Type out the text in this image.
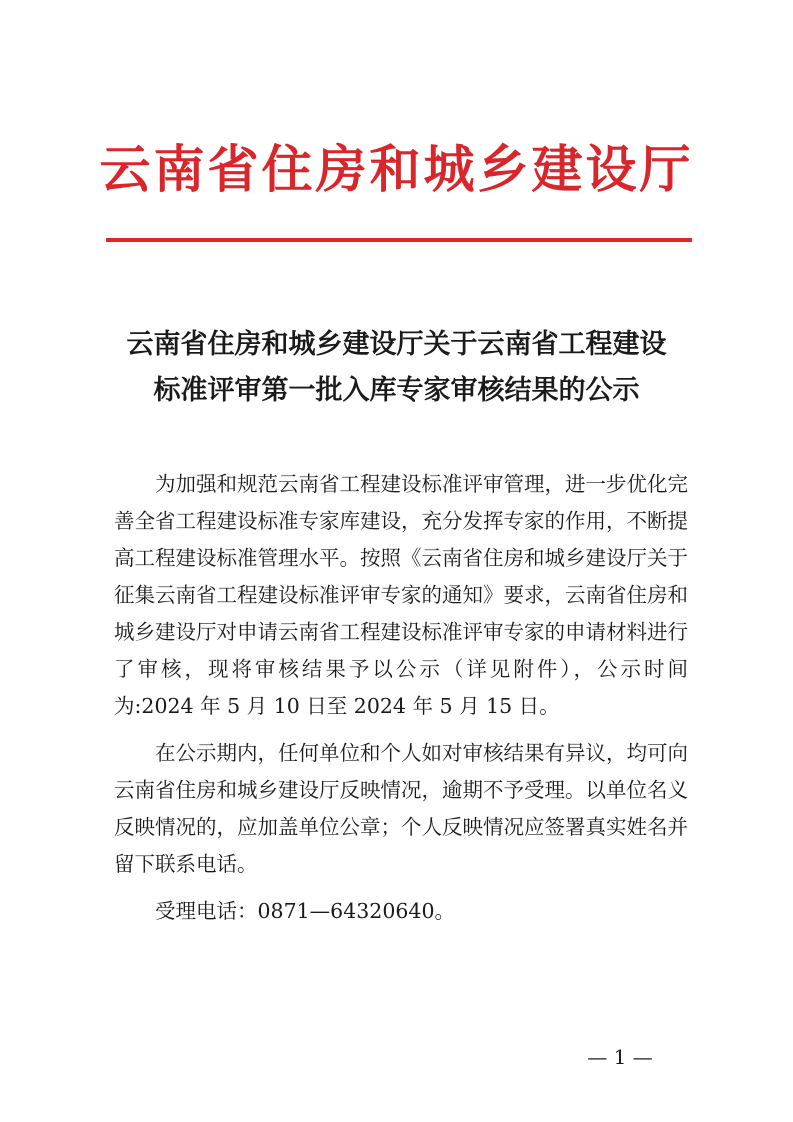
云南省住房和城乡建设厅
云南省住房和城乡建设厅关于云南省工程建设
标准评审第一批入库专家审核结果的公示

为加强和规范云南省工程建设标准评审管理，进一步优化完善全省工程建设标准专家库建设，充分发挥专家的作用，不断提高工程建设标准管理水平。按照《云南省住房和城乡建设厅关于征集云南省工程建设标准评审专家的通知》要求，云南省住房和城乡建设厅对申请云南省工程建设标准评审专家的申请材料进行了审核，现将审核结果予以公示（详见附件），公示时间为:2024 年 5 月 10 日至 2024 年 5 月 15 日。

在公示期内，任何单位和个人如对审核结果有异议，均可向云南省住房和城乡建设厅反映情况，逾期不予受理。以单位名义反映情况的，应加盖单位公章；个人反映情况应签署真实姓名并留下联系电话。

受理电话：0871—64320640。

— 1 —
